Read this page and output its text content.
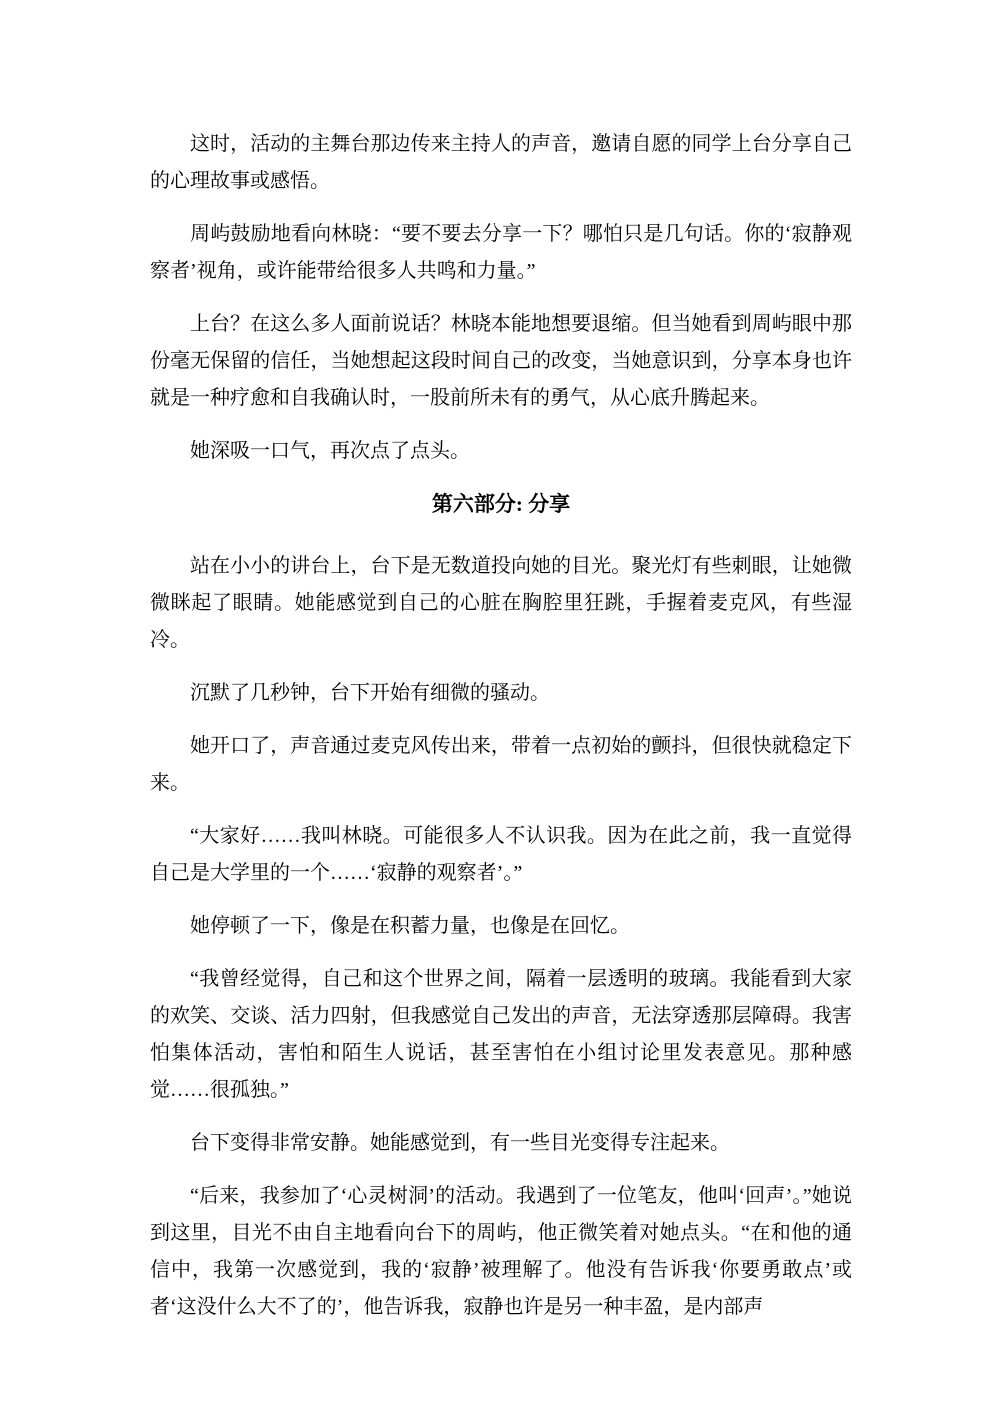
这时，活动的主舞台那边传来主持人的声音，邀请自愿的同学上台分享自己的心理故事或感悟。

周屿鼓励地看向林晓：“要不要去分享一下？哪怕只是几句话。你的‘寂静观察者’视角，或许能带给很多人共鸣和力量。”

上台？在这么多人面前说话？林晓本能地想要退缩。但当她看到周屿眼中那份毫无保留的信任，当她想起这段时间自己的改变，当她意识到，分享本身也许就是一种疗愈和自我确认时，一股前所未有的勇气，从心底升腾起来。

她深吸一口气，再次点了点头。

第六部分: 分享

站在小小的讲台上，台下是无数道投向她的目光。聚光灯有些刺眼，让她微微眯起了眼睛。她能感觉到自己的心脏在胸腔里狂跳，手握着麦克风，有些湿冷。

沉默了几秒钟，台下开始有细微的骚动。

她开口了，声音通过麦克风传出来，带着一点初始的颤抖，但很快就稳定下来。

“大家好……我叫林晓。可能很多人不认识我。因为在此之前，我一直觉得自己是大学里的一个……‘寂静的观察者’。”

她停顿了一下，像是在积蓄力量，也像是在回忆。

“我曾经觉得，自己和这个世界之间，隔着一层透明的玻璃。我能看到大家的欢笑、交谈、活力四射，但我感觉自己发出的声音，无法穿透那层障碍。我害怕集体活动，害怕和陌生人说话，甚至害怕在小组讨论里发表意见。那种感觉……很孤独。”

台下变得非常安静。她能感觉到，有一些目光变得专注起来。

“后来，我参加了‘心灵树洞’的活动。我遇到了一位笔友，他叫‘回声’。”她说到这里，目光不由自主地看向台下的周屿，他正微笑着对她点头。“在和他的通信中，我第一次感觉到，我的‘寂静’被理解了。他没有告诉我‘你要勇敢点’或者‘这没什么大不了的’，他告诉我，寂静也许是另一种丰盈，是内部声
